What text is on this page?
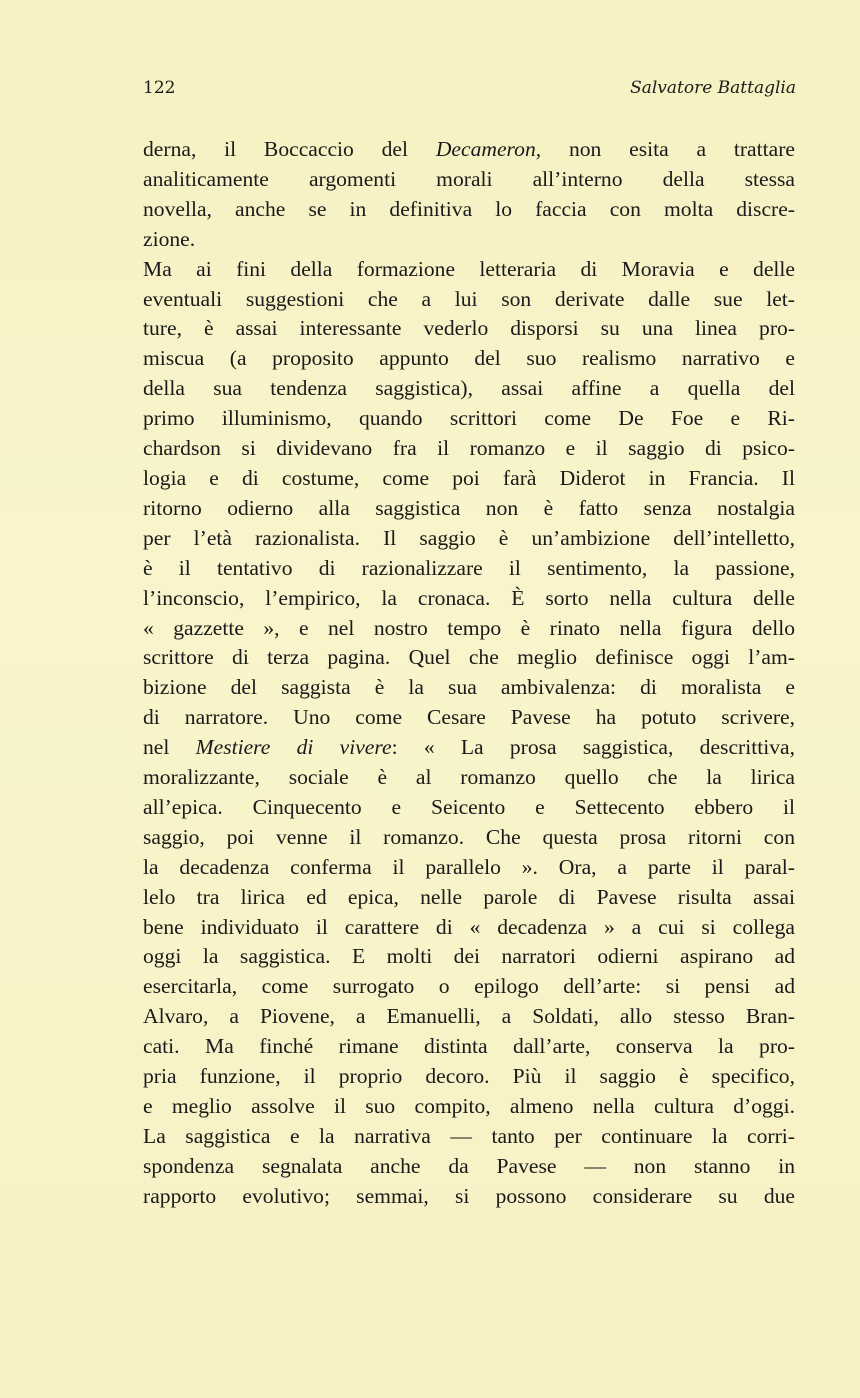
122	Salvatore Battaglia
derna, il Boccaccio del Decameron, non esita a trattare
analiticamente argomenti morali all’interno della stessa
novella, anche se in definitiva lo faccia con molta discre-
zione.
Ma ai fini della formazione letteraria di Moravia e delle
eventuali suggestioni che a lui son derivate dalle sue let-
ture, è assai interessante vederlo disporsi su una linea pro-
miscua (a proposito appunto del suo realismo narrativo e
della sua tendenza saggistica), assai affine a quella del
primo illuminismo, quando scrittori come De Foe e Ri-
chardson si dividevano fra il romanzo e il saggio di psico-
logia e di costume, come poi farà Diderot in Francia. Il
ritorno odierno alla saggistica non è fatto senza nostalgia
per l’età razionalista. Il saggio è un’ambizione dell’intelletto,
è il tentativo di razionalizzare il sentimento, la passione,
l’inconscio, l’empirico, la cronaca. È sorto nella cultura delle
« gazzette », e nel nostro tempo è rinato nella figura dello
scrittore di terza pagina. Quel che meglio definisce oggi l’am-
bizione del saggista è la sua ambivalenza: di moralista e
di narratore. Uno come Cesare Pavese ha potuto scrivere,
nel Mestiere di vivere: « La prosa saggistica, descrittiva,
moralizzante, sociale è al romanzo quello che la lirica
all’epica. Cinquecento e Seicento e Settecento ebbero il
saggio, poi venne il romanzo. Che questa prosa ritorni con
la decadenza conferma il parallelo ». Ora, a parte il paral-
lelo tra lirica ed epica, nelle parole di Pavese risulta assai
bene individuato il carattere di « decadenza » a cui si collega
oggi la saggistica. E molti dei narratori odierni aspirano ad
esercitarla, come surrogato o epilogo dell’arte: si pensi ad
Alvaro, a Piovene, a Emanuelli, a Soldati, allo stesso Bran-
cati. Ma finché rimane distinta dall’arte, conserva la pro-
pria funzione, il proprio decoro. Più il saggio è specifico,
e meglio assolve il suo compito, almeno nella cultura d’oggi.
La saggistica e la narrativa — tanto per continuare la corri-
spondenza segnalata anche da Pavese — non stanno in
rapporto evolutivo; semmai, si possono considerare su due
